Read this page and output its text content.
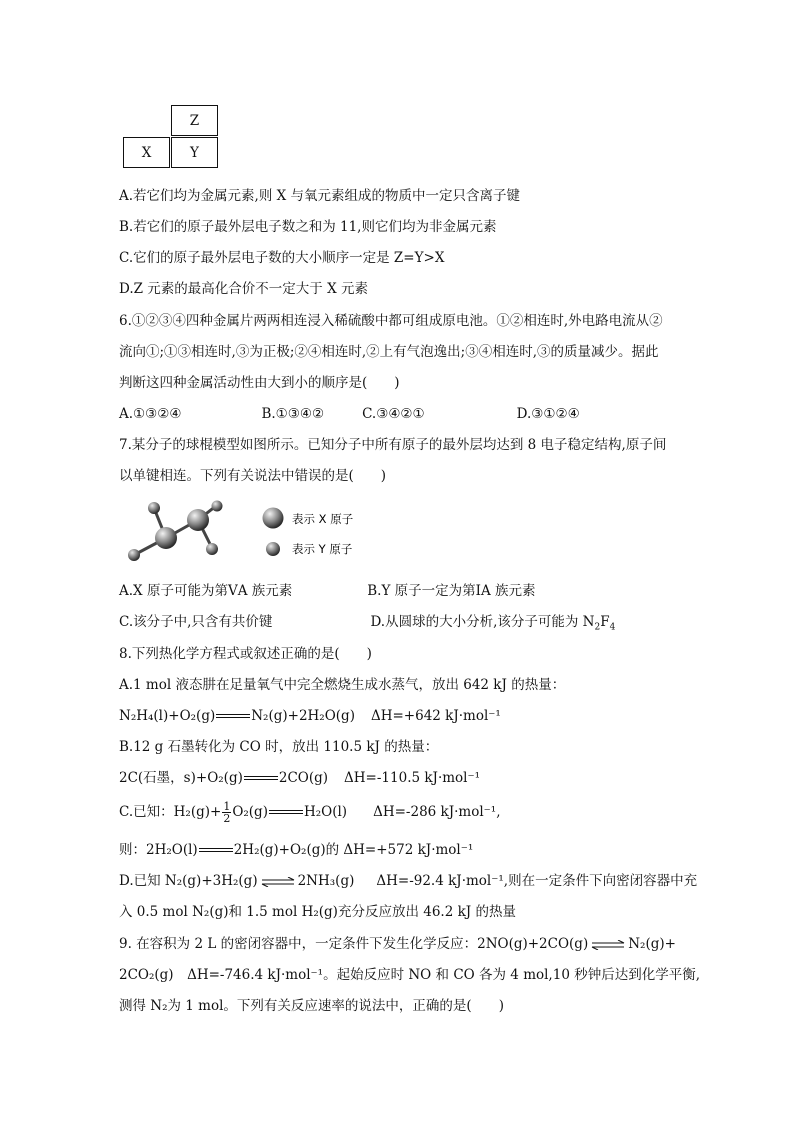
Z
X	Y
A.若它们均为金属元素,则 X 与氧元素组成的物质中一定只含离子键
B.若它们的原子最外层电子数之和为 11,则它们均为非金属元素
C.它们的原子最外层电子数的大小顺序一定是 Z=Y>X
D.Z 元素的最高化合价不一定大于 X 元素
6.①②③④四种金属片两两相连浸入稀硫酸中都可组成原电池。①②相连时,外电路电流从②
流向①;①③相连时,③为正极;②④相连时,②上有气泡逸出;③④相连时,③的质量减少。据此
判断这四种金属活动性由大到小的顺序是(　　)
A.①③②④	B.①③④②	C.③④②①	D.③①②④
7.某分子的球棍模型如图所示。已知分子中所有原子的最外层均达到 8 电子稳定结构,原子间
以单键相连。下列有关说法中错误的是(　　)
表示 X 原子
表示 Y 原子
A.X 原子可能为第ⅤA 族元素	B.Y 原子一定为第ⅠA 族元素
C.该分子中,只含有共价键	D.从圆球的大小分析,该分子可能为 $N_2F_4$
8.下列热化学方程式或叙述正确的是(　　)
A.1 mol 液态肼在足量氧气中完全燃烧生成水蒸气，放出 642 kJ 的热量：
N₂H₄(l)+O₂(g)	N₂(g)+2H₂O(g) ΔH=+642 kJ·mol⁻¹
B.12 g 石墨转化为 CO 时，放出 110.5 kJ 的热量：
2C(石墨，s)+O₂(g)	2CO(g) ΔH=-110.5 kJ·mol⁻¹
C.已知：$H_2(g)+ \frac{1}{2} O_2(g)$	H₂O(l) ΔH=-286 kJ·mol⁻¹,
则：2H₂O(l)	2H₂(g)+O₂(g)的 ΔH=+572 kJ·mol⁻¹
D.已知 N₂(g)+3H₂(g) ⇌ 2NH₃(g) ΔH=-92.4 kJ·mol⁻¹,则在一定条件下向密闭容器中充
入 0.5 mol N₂(g)和 1.5 mol H₂(g)充分反应放出 46.2 kJ 的热量
9. 在容积为 2 L 的密闭容器中，一定条件下发生化学反应：2NO(g)+2CO(g) ⇌ N₂(g)+
2CO₂(g)　ΔH=-746.4 kJ·mol⁻¹。起始反应时 NO 和 CO 各为 4 mol,10 秒钟后达到化学平衡,
测得 N₂为 1 mol。下列有关反应速率的说法中，正确的是(　　)
